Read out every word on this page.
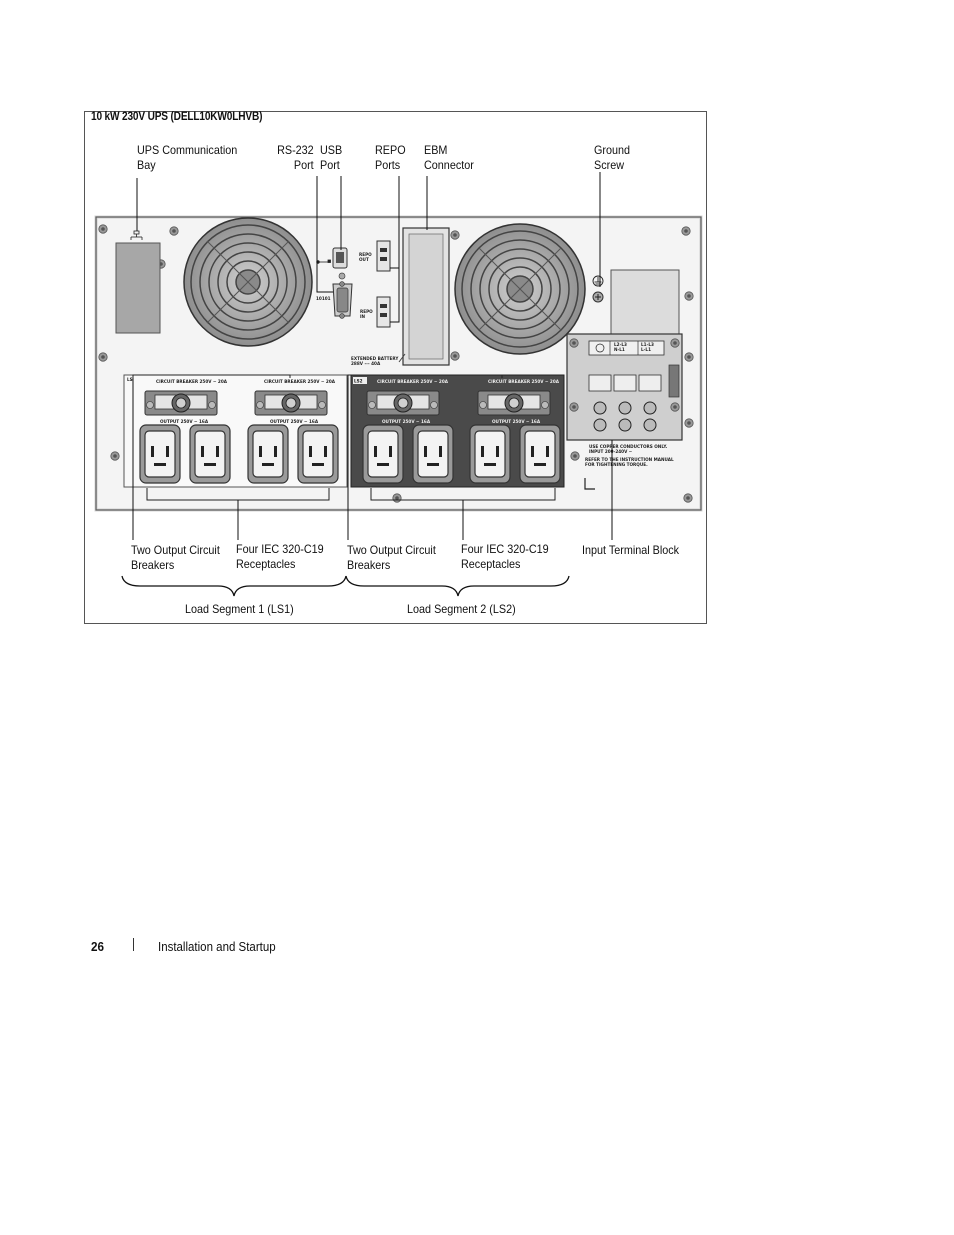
10 kW 230V UPS (DELL10KW0LHVB)
10101
REPO OUT
REPO IN
EXTENDED BATTERY 288V --- 40A
L1-L3 L-L1
L2-L3 N-L1
USE COPPER CONDUCTORS ONLY. INPUT 200-240V ~
REFER TO THE INSTRUCTION MANUAL FOR TIGHTENING TORQUE.
LS	CIRCUIT BREAKER 250V ~ 20A	CIRCUIT BREAKER 250V ~ 20A
OUTPUT 250V ~ 16A	OUTPUT 250V ~ 16A
LS2	CIRCUIT BREAKER 250V ~ 20A	CIRCUIT BREAKER 250V ~ 20A
OUTPUT 250V ~ 16A	OUTPUT 250V ~ 16A
UPS Communication
Bay
RS-232
Port
USB
Port
REPO
Ports
EBM
Connector
Ground
Screw
Two Output Circuit
Breakers
Four IEC 320-C19
Receptacles
Two Output Circuit
Breakers
Four IEC 320-C19
Receptacles
Input Terminal Block
Load Segment 1 (LS1)	Load Segment 2 (LS2)
26	Installation and Startup
